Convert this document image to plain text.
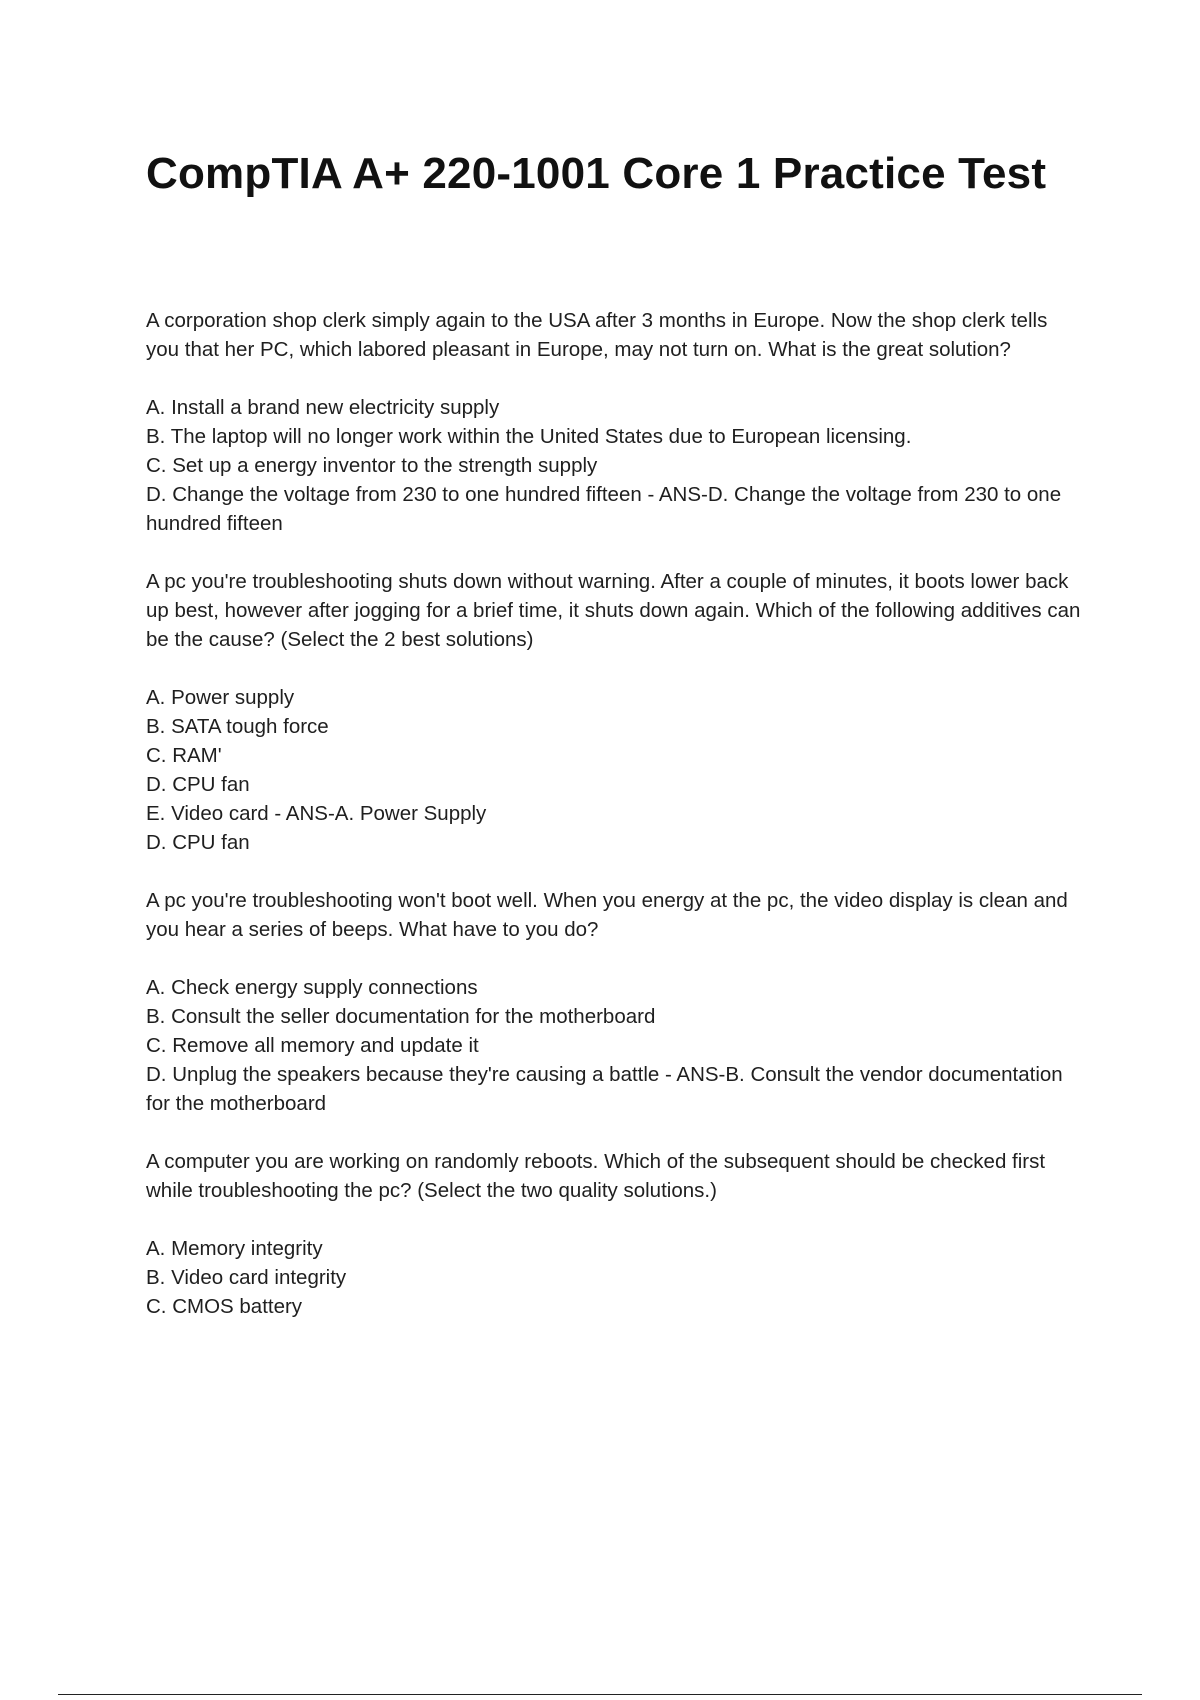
CompTIA A+ 220-1001 Core 1 Practice Test

A corporation shop clerk simply again to the USA after 3 months in Europe. Now the shop clerk tells you that her PC, which labored pleasant in Europe, may not turn on. What is the great solution?

A. Install a brand new electricity supply
B. The laptop will no longer work within the United States due to European licensing.
C. Set up a energy inventor to the strength supply
D. Change the voltage from 230 to one hundred fifteen - ANS-D. Change the voltage from 230 to one hundred fifteen

A pc you're troubleshooting shuts down without warning. After a couple of minutes, it boots lower back up best, however after jogging for a brief time, it shuts down again. Which of the following additives can be the cause? (Select the 2 best solutions)

A. Power supply
B. SATA tough force
C. RAM'
D. CPU fan
E. Video card - ANS-A. Power Supply
D. CPU fan

A pc you're troubleshooting won't boot well. When you energy at the pc, the video display is clean and you hear a series of beeps. What have to you do?

A. Check energy supply connections
B. Consult the seller documentation for the motherboard
C. Remove all memory and update it
D. Unplug the speakers because they're causing a battle - ANS-B. Consult the vendor documentation for the motherboard

A computer you are working on randomly reboots. Which of the subsequent should be checked first while troubleshooting the pc? (Select the two quality solutions.)

A. Memory integrity
B. Video card integrity
C. CMOS battery
